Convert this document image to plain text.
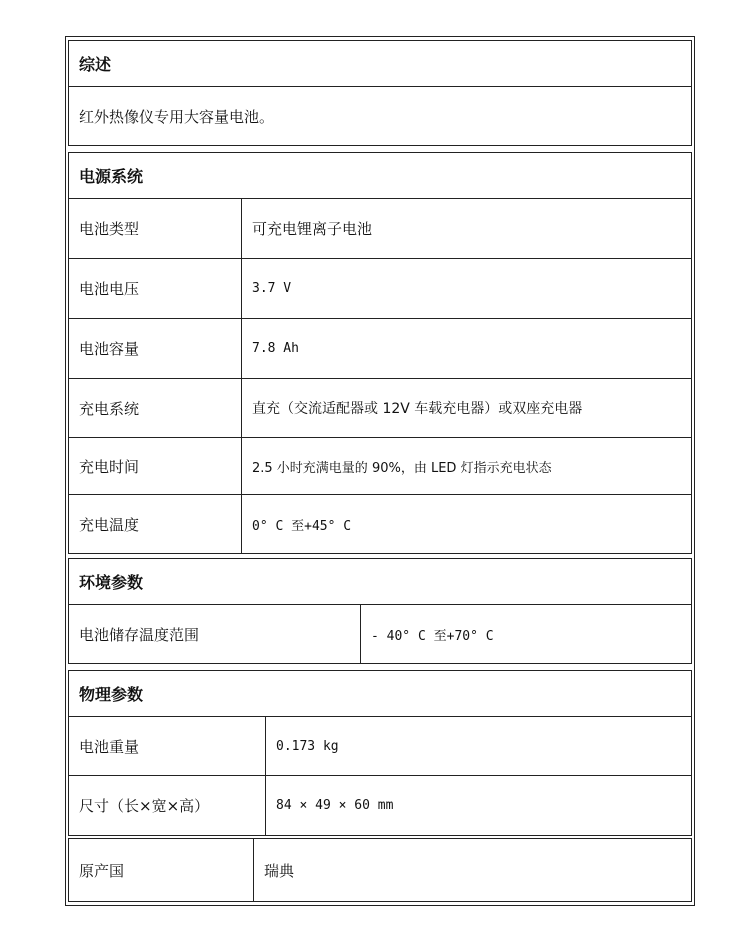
综述
红外热像仪专用大容量电池。
电源系统
电池类型	可充电锂离子电池
电池电压	3.7 V
电池容量	7.8 Ah
充电系统	直充（交流适配器或 12V 车载充电器）或双座充电器
充电时间	2.5 小时充满电量的 90%，由 LED 灯指示充电状态
充电温度	0° C 至+45° C
环境参数
电池储存温度范围	- 40° C 至+70° C
物理参数
电池重量	0.173 kg
尺寸（长×宽×高）	84 × 49 × 60 mm
原产国	瑞典
